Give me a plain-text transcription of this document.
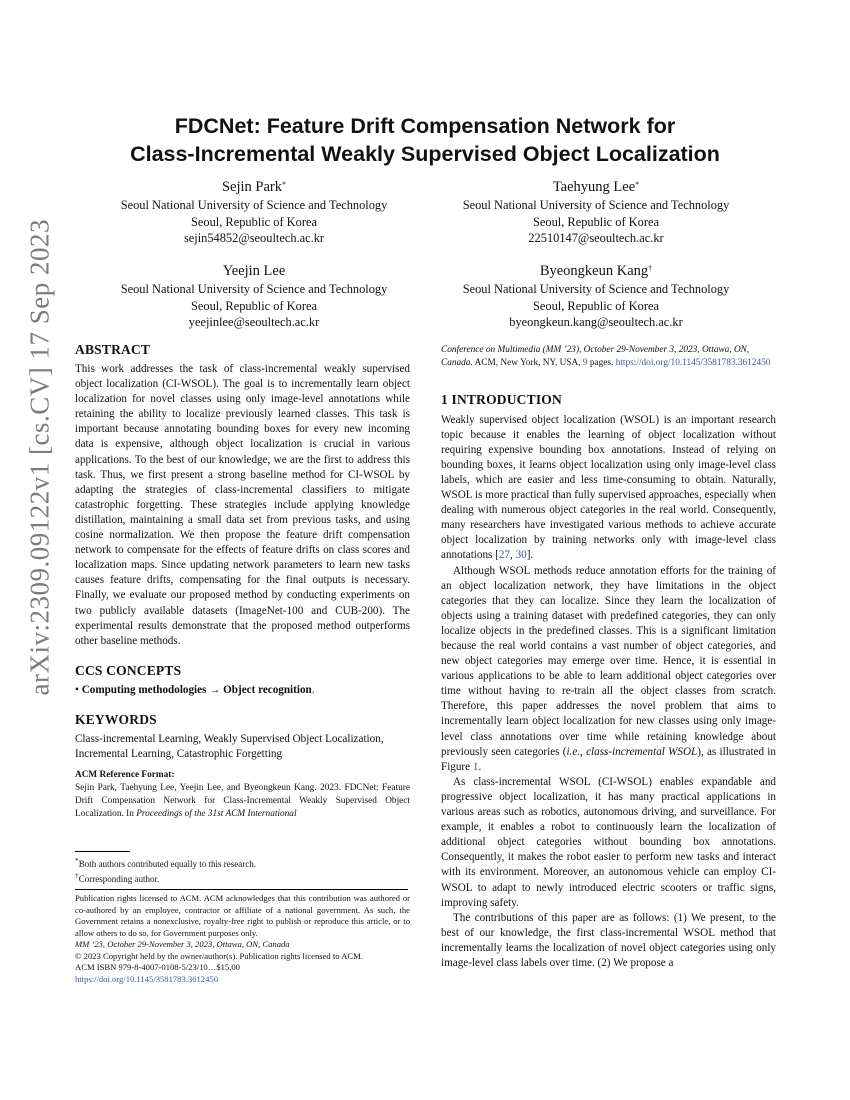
arXiv:2309.09122v1 [cs.CV] 17 Sep 2023
FDCNet: Feature Drift Compensation Network for
Class-Incremental Weakly Supervised Object Localization
Sejin Park*
Seoul National University of Science and Technology
Seoul, Republic of Korea
sejin54852@seoultech.ac.kr
Taehyung Lee*
Seoul National University of Science and Technology
Seoul, Republic of Korea
22510147@seoultech.ac.kr
Yeejin Lee
Seoul National University of Science and Technology
Seoul, Republic of Korea
yeejinlee@seoultech.ac.kr
Byeongkeun Kang†
Seoul National University of Science and Technology
Seoul, Republic of Korea
byeongkeun.kang@seoultech.ac.kr
ABSTRACT

This work addresses the task of class-incremental weakly supervised object localization (CI-WSOL). The goal is to incrementally learn object localization for novel classes using only image-level annotations while retaining the ability to localize previously learned classes. This task is important because annotating bounding boxes for every new incoming data is expensive, although object localization is crucial in various applications. To the best of our knowledge, we are the first to address this task. Thus, we first present a strong baseline method for CI-WSOL by adapting the strategies of class-incremental classifiers to mitigate catastrophic forgetting. These strategies include applying knowledge distillation, maintaining a small data set from previous tasks, and using cosine normalization. We then propose the feature drift compensation network to compensate for the effects of feature drifts on class scores and localization maps. Since updating network parameters to learn new tasks causes feature drifts, compensating for the final outputs is necessary. Finally, we evaluate our proposed method by conducting experiments on two publicly available datasets (ImageNet-100 and CUB-200). The experimental results demonstrate that the proposed method outperforms other baseline methods.

CCS CONCEPTS

• Computing methodologies → Object recognition.

KEYWORDS

Class-incremental Learning, Weakly Supervised Object Localization, Incremental Learning, Catastrophic Forgetting

ACM Reference Format:

Sejin Park, Taehyung Lee, Yeejin Lee, and Byeongkeun Kang. 2023. FDCNet: Feature Drift Compensation Network for Class-Incremental Weakly Supervised Object Localization. In Proceedings of the 31st ACM International

*Both authors contributed equally to this research.

†Corresponding author.

Publication rights licensed to ACM. ACM acknowledges that this contribution was authored or co-authored by an employee, contractor or affiliate of a national government. As such, the Government retains a nonexclusive, royalty-free right to publish or reproduce this article, or to allow others to do so, for Government purposes only.

MM ’23, October 29-November 3, 2023, Ottawa, ON, Canada

© 2023 Copyright held by the owner/author(s). Publication rights licensed to ACM.

ACM ISBN 979-8-4007-0108-5/23/10…$15.00

https://doi.org/10.1145/3581783.3612450

Conference on Multimedia (MM ’23), October 29-November 3, 2023, Ottawa, ON, Canada. ACM, New York, NY, USA, 9 pages. https://doi.org/10.1145/3581783.3612450

1 INTRODUCTION

Weakly supervised object localization (WSOL) is an important research topic because it enables the learning of object localization without requiring expensive bounding box annotations. Instead of relying on bounding boxes, it learns object localization using only image-level class labels, which are easier and less time-consuming to obtain. Naturally, WSOL is more practical than fully supervised approaches, especially when dealing with numerous object categories in the real world. Consequently, many researchers have investigated various methods to achieve accurate object localization by training networks only with image-level class annotations [27, 30].

Although WSOL methods reduce annotation efforts for the training of an object localization network, they have limitations in the object categories that they can localize. Since they learn the localization of objects using a training dataset with predefined categories, they can only localize objects in the predefined classes. This is a significant limitation because the real world contains a vast number of object categories, and new object categories may emerge over time. Hence, it is essential in various applications to be able to learn additional object categories over time without having to re-train all the object classes from scratch. Therefore, this paper addresses the novel problem that aims to incrementally learn object localization for new classes using only image-level class annotations over time while retaining knowledge about previously seen categories (i.e., class-incremental WSOL), as illustrated in Figure 1.

As class-incremental WSOL (CI-WSOL) enables expandable and progressive object localization, it has many practical applications in various areas such as robotics, autonomous driving, and surveillance. For example, it enables a robot to continuously learn the localization of additional object categories without bounding box annotations. Consequently, it makes the robot easier to perform new tasks and interact with its environment. Moreover, an autonomous vehicle can employ CI-WSOL to adapt to newly introduced electric scooters or traffic signs, improving safety.

The contributions of this paper are as follows: (1) We present, to the best of our knowledge, the first class-incremental WSOL method that incrementally learns the localization of novel object categories using only image-level class labels over time. (2) We propose a
